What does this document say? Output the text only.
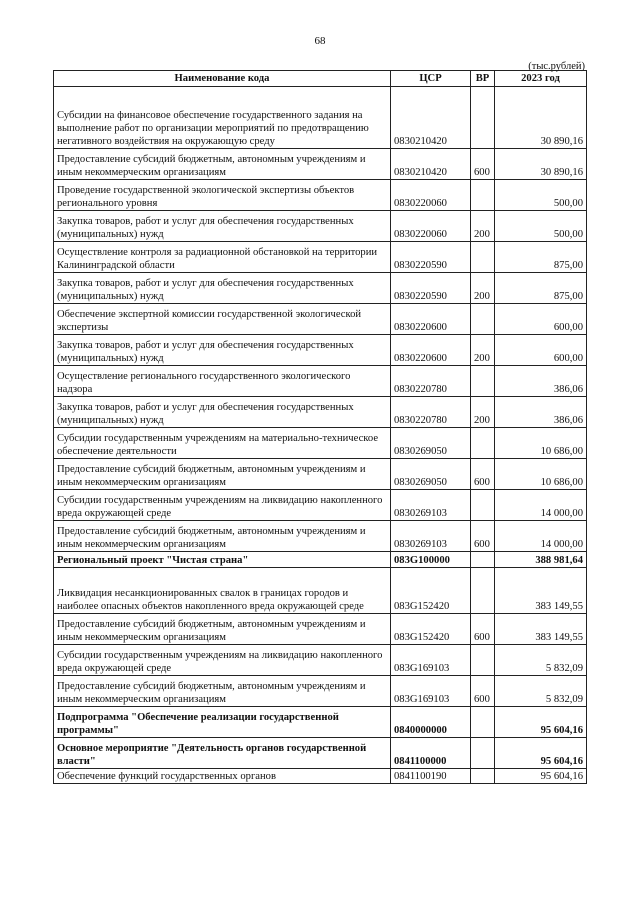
68
(тыс.рублей)
Наименование кода	ЦСР	ВР	2023 год
Субсидии на финансовое обеспечение государственного задания на выполнение работ по организации мероприятий по предотвращению негативного воздействия на окружающую среду	0830210420		30 890,16
Предоставление субсидий бюджетным, автономным учреждениям и иным некоммерческим организациям	0830210420	600	30 890,16
Проведение государственной экологической экспертизы объектов регионального уровня	0830220060		500,00
Закупка товаров, работ и услуг для обеспечения государственных (муниципальных) нужд	0830220060	200	500,00
Осуществление контроля за радиационной обстановкой на территории Калининградской области	0830220590		875,00
Закупка товаров, работ и услуг для обеспечения государственных (муниципальных) нужд	0830220590	200	875,00
Обеспечение экспертной комиссии государственной экологической экспертизы	0830220600		600,00
Закупка товаров, работ и услуг для обеспечения государственных (муниципальных) нужд	0830220600	200	600,00
Осуществление регионального государственного экологического надзора	0830220780		386,06
Закупка товаров, работ и услуг для обеспечения государственных (муниципальных) нужд	0830220780	200	386,06
Субсидии государственным учреждениям на материально-техническое обеспечение деятельности	0830269050		10 686,00
Предоставление субсидий бюджетным, автономным учреждениям и иным некоммерческим организациям	0830269050	600	10 686,00
Субсидии государственным учреждениям на ликвидацию накопленного вреда окружающей среде	0830269103		14 000,00
Предоставление субсидий бюджетным, автономным учреждениям и иным некоммерческим организациям	0830269103	600	14 000,00
Региональный проект "Чистая страна"	083G100000		388 981,64
Ликвидация несанкционированных свалок в границах городов и наиболее опасных объектов накопленного вреда окружающей среде	083G152420		383 149,55
Предоставление субсидий бюджетным, автономным учреждениям и иным некоммерческим организациям	083G152420	600	383 149,55
Субсидии государственным учреждениям на ликвидацию накопленного вреда окружающей среде	083G169103		5 832,09
Предоставление субсидий бюджетным, автономным учреждениям и иным некоммерческим организациям	083G169103	600	5 832,09
Подпрограмма "Обеспечение реализации государственной программы"	0840000000		95 604,16
Основное мероприятие "Деятельность органов государственной власти"	0841100000		95 604,16
Обеспечение функций государственных органов	0841100190		95 604,16
